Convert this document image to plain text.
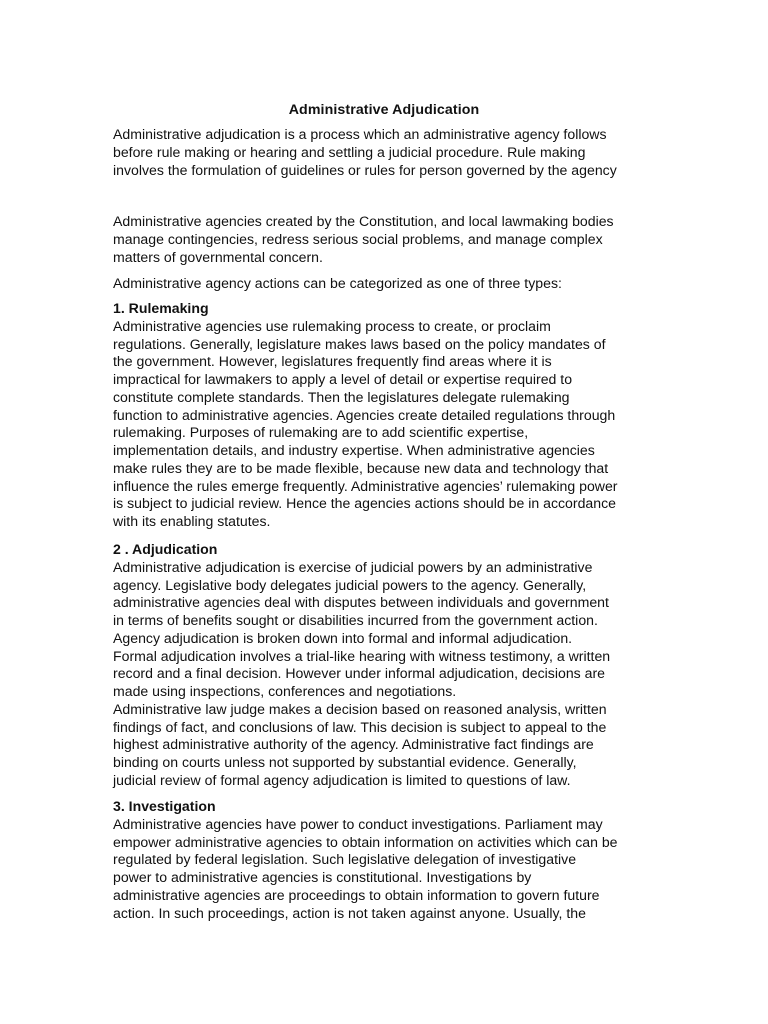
Administrative Adjudication
Administrative adjudication is a process which an administrative agency follows
before rule making or hearing and settling a judicial procedure. Rule making
involves the formulation of guidelines or rules for person governed by the agency
Administrative agencies created by the Constitution, and local lawmaking bodies
manage contingencies, redress serious social problems, and manage complex
matters of governmental concern.
Administrative agency actions can be categorized as one of three types:
1. Rulemaking
Administrative agencies use rulemaking process to create, or proclaim
regulations. Generally, legislature makes laws based on the policy mandates of
the government. However, legislatures frequently find areas where it is
impractical for lawmakers to apply a level of detail or expertise required to
constitute complete standards. Then the legislatures delegate rulemaking
function to administrative agencies. Agencies create detailed regulations through
rulemaking. Purposes of rulemaking are to add scientific expertise,
implementation details, and industry expertise. When administrative agencies
make rules they are to be made flexible, because new data and technology that
influence the rules emerge frequently. Administrative agencies’ rulemaking power
is subject to judicial review. Hence the agencies actions should be in accordance
with its enabling statutes.
2 . Adjudication
Administrative adjudication is exercise of judicial powers by an administrative
agency. Legislative body delegates judicial powers to the agency. Generally,
administrative agencies deal with disputes between individuals and government
in terms of benefits sought or disabilities incurred from the government action.
Agency adjudication is broken down into formal and informal adjudication.
Formal adjudication involves a trial-like hearing with witness testimony, a written
record and a final decision. However under informal adjudication, decisions are
made using inspections, conferences and negotiations.
Administrative law judge makes a decision based on reasoned analysis, written
findings of fact, and conclusions of law. This decision is subject to appeal to the
highest administrative authority of the agency. Administrative fact findings are
binding on courts unless not supported by substantial evidence. Generally,
judicial review of formal agency adjudication is limited to questions of law.
3. Investigation
Administrative agencies have power to conduct investigations. Parliament may
empower administrative agencies to obtain information on activities which can be
regulated by federal legislation. Such legislative delegation of investigative
power to administrative agencies is constitutional. Investigations by
administrative agencies are proceedings to obtain information to govern future
action. In such proceedings, action is not taken against anyone. Usually, the
